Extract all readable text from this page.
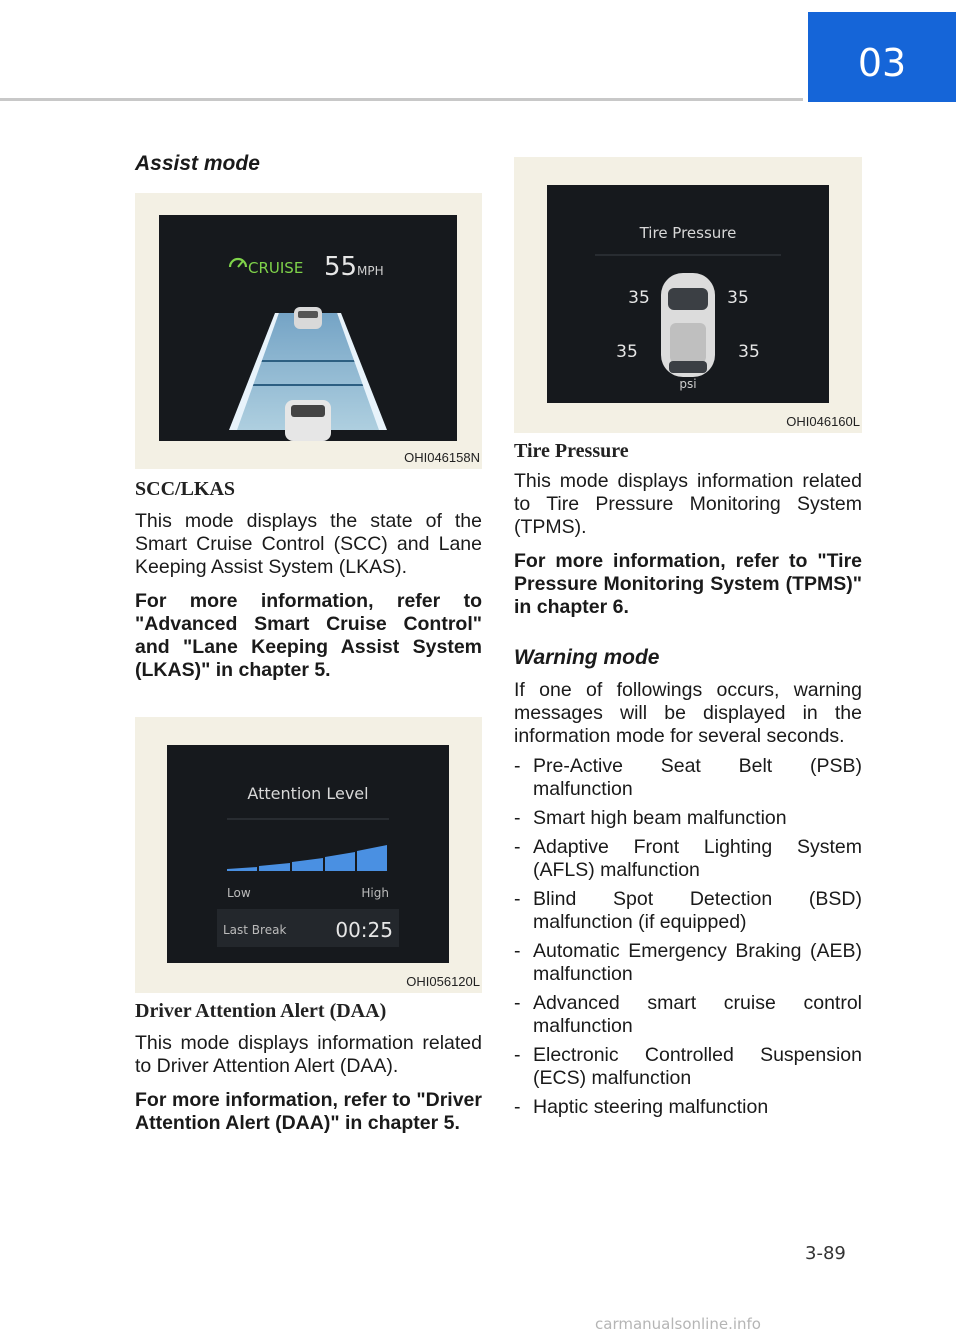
03
Assist mode
CRUISE 55 MPH
OHI046158N
SCC/LKAS
This mode displays the state of the Smart Cruise Control (SCC) and Lane Keeping Assist System (LKAS).
For more information, refer to "Advanced Smart Cruise Control" and "Lane Keeping Assist System (LKAS)" in chapter 5.
Attention Level
Low	High
Last Break 00:25
OHI056120L
Driver Attention Alert (DAA)
This mode displays information related to Driver Attention Alert (DAA).
For more information, refer to "Driver Attention Alert (DAA)" in chapter 5.
Tire Pressure
35	35
35	35
psi
OHI046160L
Tire Pressure
This mode displays information related to Tire Pressure Monitoring System (TPMS).
For more information, refer to "Tire Pressure Monitoring System (TPMS)" in chapter 6.
Warning mode
If one of followings occurs, warning messages will be displayed in the information mode for several seconds.
- Pre-Active Seat Belt (PSB) malfunction
- Smart high beam malfunction
- Adaptive Front Lighting System (AFLS) malfunction
- Blind Spot Detection (BSD) malfunction (if equipped)
- Automatic Emergency Braking (AEB) malfunction
- Advanced smart cruise control malfunction
- Electronic Controlled Suspension (ECS) malfunction
- Haptic steering malfunction
3-89
carmanualsonline.info
